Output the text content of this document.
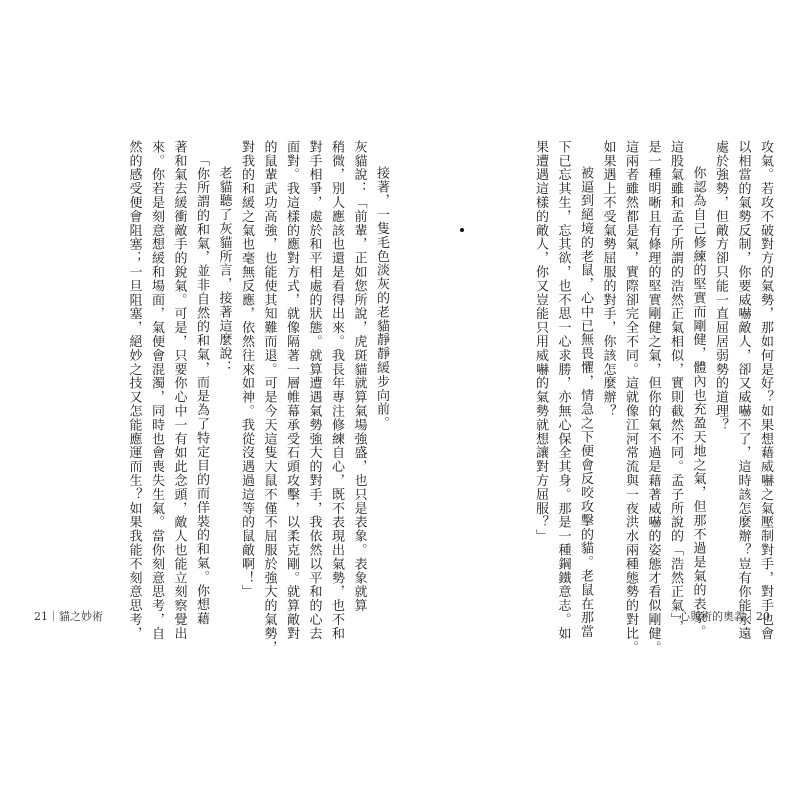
接著，一隻毛色淡灰的老貓靜靜緩步向前。
灰貓說：「前輩，正如您所說，虎斑貓就算氣場強盛，也只是表象。表象就算
稍微，別人應該也還是看得出來。我長年專注修練自心，既不表現出氣勢，也不和
對手相爭，處於和平相處的狀態。就算遭遇氣勢強大的對手，我依然以平和的心去
面對。我這樣的應對方式，就像隔著一層帷幕承受石頭攻擊，以柔克剛。就算敵對
的鼠輩武功高強，也能使其知難而退。可是今天這隻大鼠不僅不屈服於強大的氣勢，
對我的和緩之氣也毫無反應，依然往來如神。我從沒遇過這等的鼠敵啊！」
老貓聽了灰貓所言，接著這麼說：
「你所謂的和氣，並非自然的和氣，而是為了特定目的而佯裝的和氣。你想藉
著和氣去緩衝敵手的銳氣。可是，只要你心中一有如此念頭，敵人也能立刻察覺出
來。你若是刻意想緩和場面，氣便會混濁，同時也會喪失生氣。當你刻意思考，自
然的感受便會阻塞；一旦阻塞，絕妙之技又怎能應運而生？如果我能不刻意思考，	攻氣。若攻不破對方的氣勢，那如何是好？如果想藉威嚇之氣壓制對手，對手也會
以相當的氣勢反制，你要威嚇敵人，卻又威嚇不了，這時該怎麼辦？豈有你能永遠
處於強勢，但敵方卻只能一直屈居弱勢的道理？
你認為自己修練的堅實而剛健，體內也充盈天地之氣，但那不過是氣的表象。
這股氣雖和孟子所謂的浩然正氣相似，實則截然不同。孟子所說的「浩然正氣」，
是一種明晰且有條理的堅實剛健之氣，但你的氣不過是藉著威嚇的姿態才看似剛健。
這兩者雖然都是氣，實際卻完全不同。這就像江河常流與一夜洪水兩種態勢的對比。
如果遇上不受氣勢屈服的對手，你該怎麼辦？
被逼到絕境的老鼠，心中已無畏懼，情急之下便會反咬攻擊的貓。老鼠在那當
下已忘其生，忘其欲，也不思一心求勝，亦無心保全其身。那是一種鋼鐵意志。如
果遭遇這樣的敵人，你又豈能只用威嚇的氣勢就想讓對方屈服？」
21｜貓之妙術	心與術的奧義｜20
